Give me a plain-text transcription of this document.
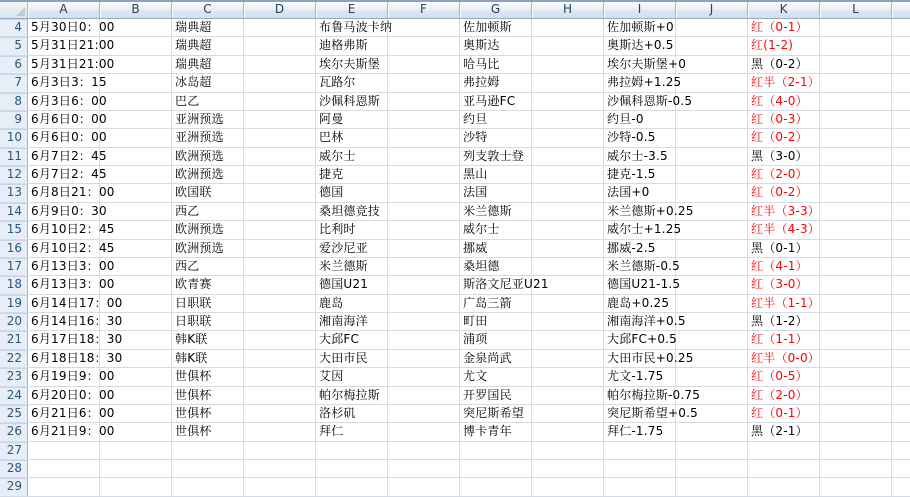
A	B	C	D	E	F	G	H	I	J	K	L
4 5月30日0：00	瑞典超	布鲁马波卡纳	佐加顿斯	佐加顿斯+0	红（0-1）
5 5月31日21:00	瑞典超	迪格弗斯	奥斯达	奥斯达+0.5	红(1-2)
6 5月31日21:00	瑞典超	埃尔夫斯堡	哈马比	埃尔夫斯堡+0	黑（0-2）
7 6月3日3：15	冰岛超	瓦路尔	弗拉姆	弗拉姆+1.25	红半（2-1）
8 6月3日6：00	巴乙	沙佩科恩斯	亚马逊FC	沙佩科恩斯-0.5	红（4-0）
9 6月6日0：00	亚洲预选	阿曼	约旦	约旦-0	红（0-3）
10 6月6日0：00	亚洲预选	巴林	沙特	沙特-0.5	红（0-2）
11 6月7日2：45	欧洲预选	威尔士	列支敦士登	威尔士-3.5	黑（3-0）
12 6月7日2：45	欧洲预选	捷克	黑山	捷克-1.5	红（2-0）
13 6月8日21：00	欧国联	德国	法国	法国+0	红（0-2）
14 6月9日0：30	西乙	桑坦德竞技	米兰德斯	米兰德斯+0.25	红半（3-3）
15 6月10日2：45	欧洲预选	比利时	威尔士	威尔士+1.25	红半（4-3）
16 6月10日2：45	欧洲预选	爱沙尼亚	挪威	挪威-2.5	黑（0-1）
17 6月13日3：00	西乙	米兰德斯	桑坦德	米兰德斯-0.5	红（4-1）
18 6月13日3：00	欧青赛	德国U21	斯洛文尼亚U21	德国U21-1.5	红（3-0）
19 6月14日17：00	日职联	鹿岛	广岛三箭	鹿岛+0.25	红半（1-1）
20 6月14日16：30	日职联	湘南海洋	町田	湘南海洋+0.5	黑（1-2）
21 6月17日18：30	韩K联	大邱FC	浦项	大邱FC+0.5	红（1-1）
22 6月18日18：30	韩K联	大田市民	金泉尚武	大田市民+0.25	红半（0-0）
23 6月19日9：00	世俱杯	艾因	尤文	尤文-1.75	红（0-5）
24 6月20日0：00	世俱杯	帕尔梅拉斯	开罗国民	帕尔梅拉斯-0.75	红（2-0）
25 6月21日6：00	世俱杯	洛杉矶	突尼斯希望	突尼斯希望+0.5	红（0-1）
26 6月21日9：00	世俱杯	拜仁	博卡青年	拜仁-1.75	黑（2-1）
27
28
29
